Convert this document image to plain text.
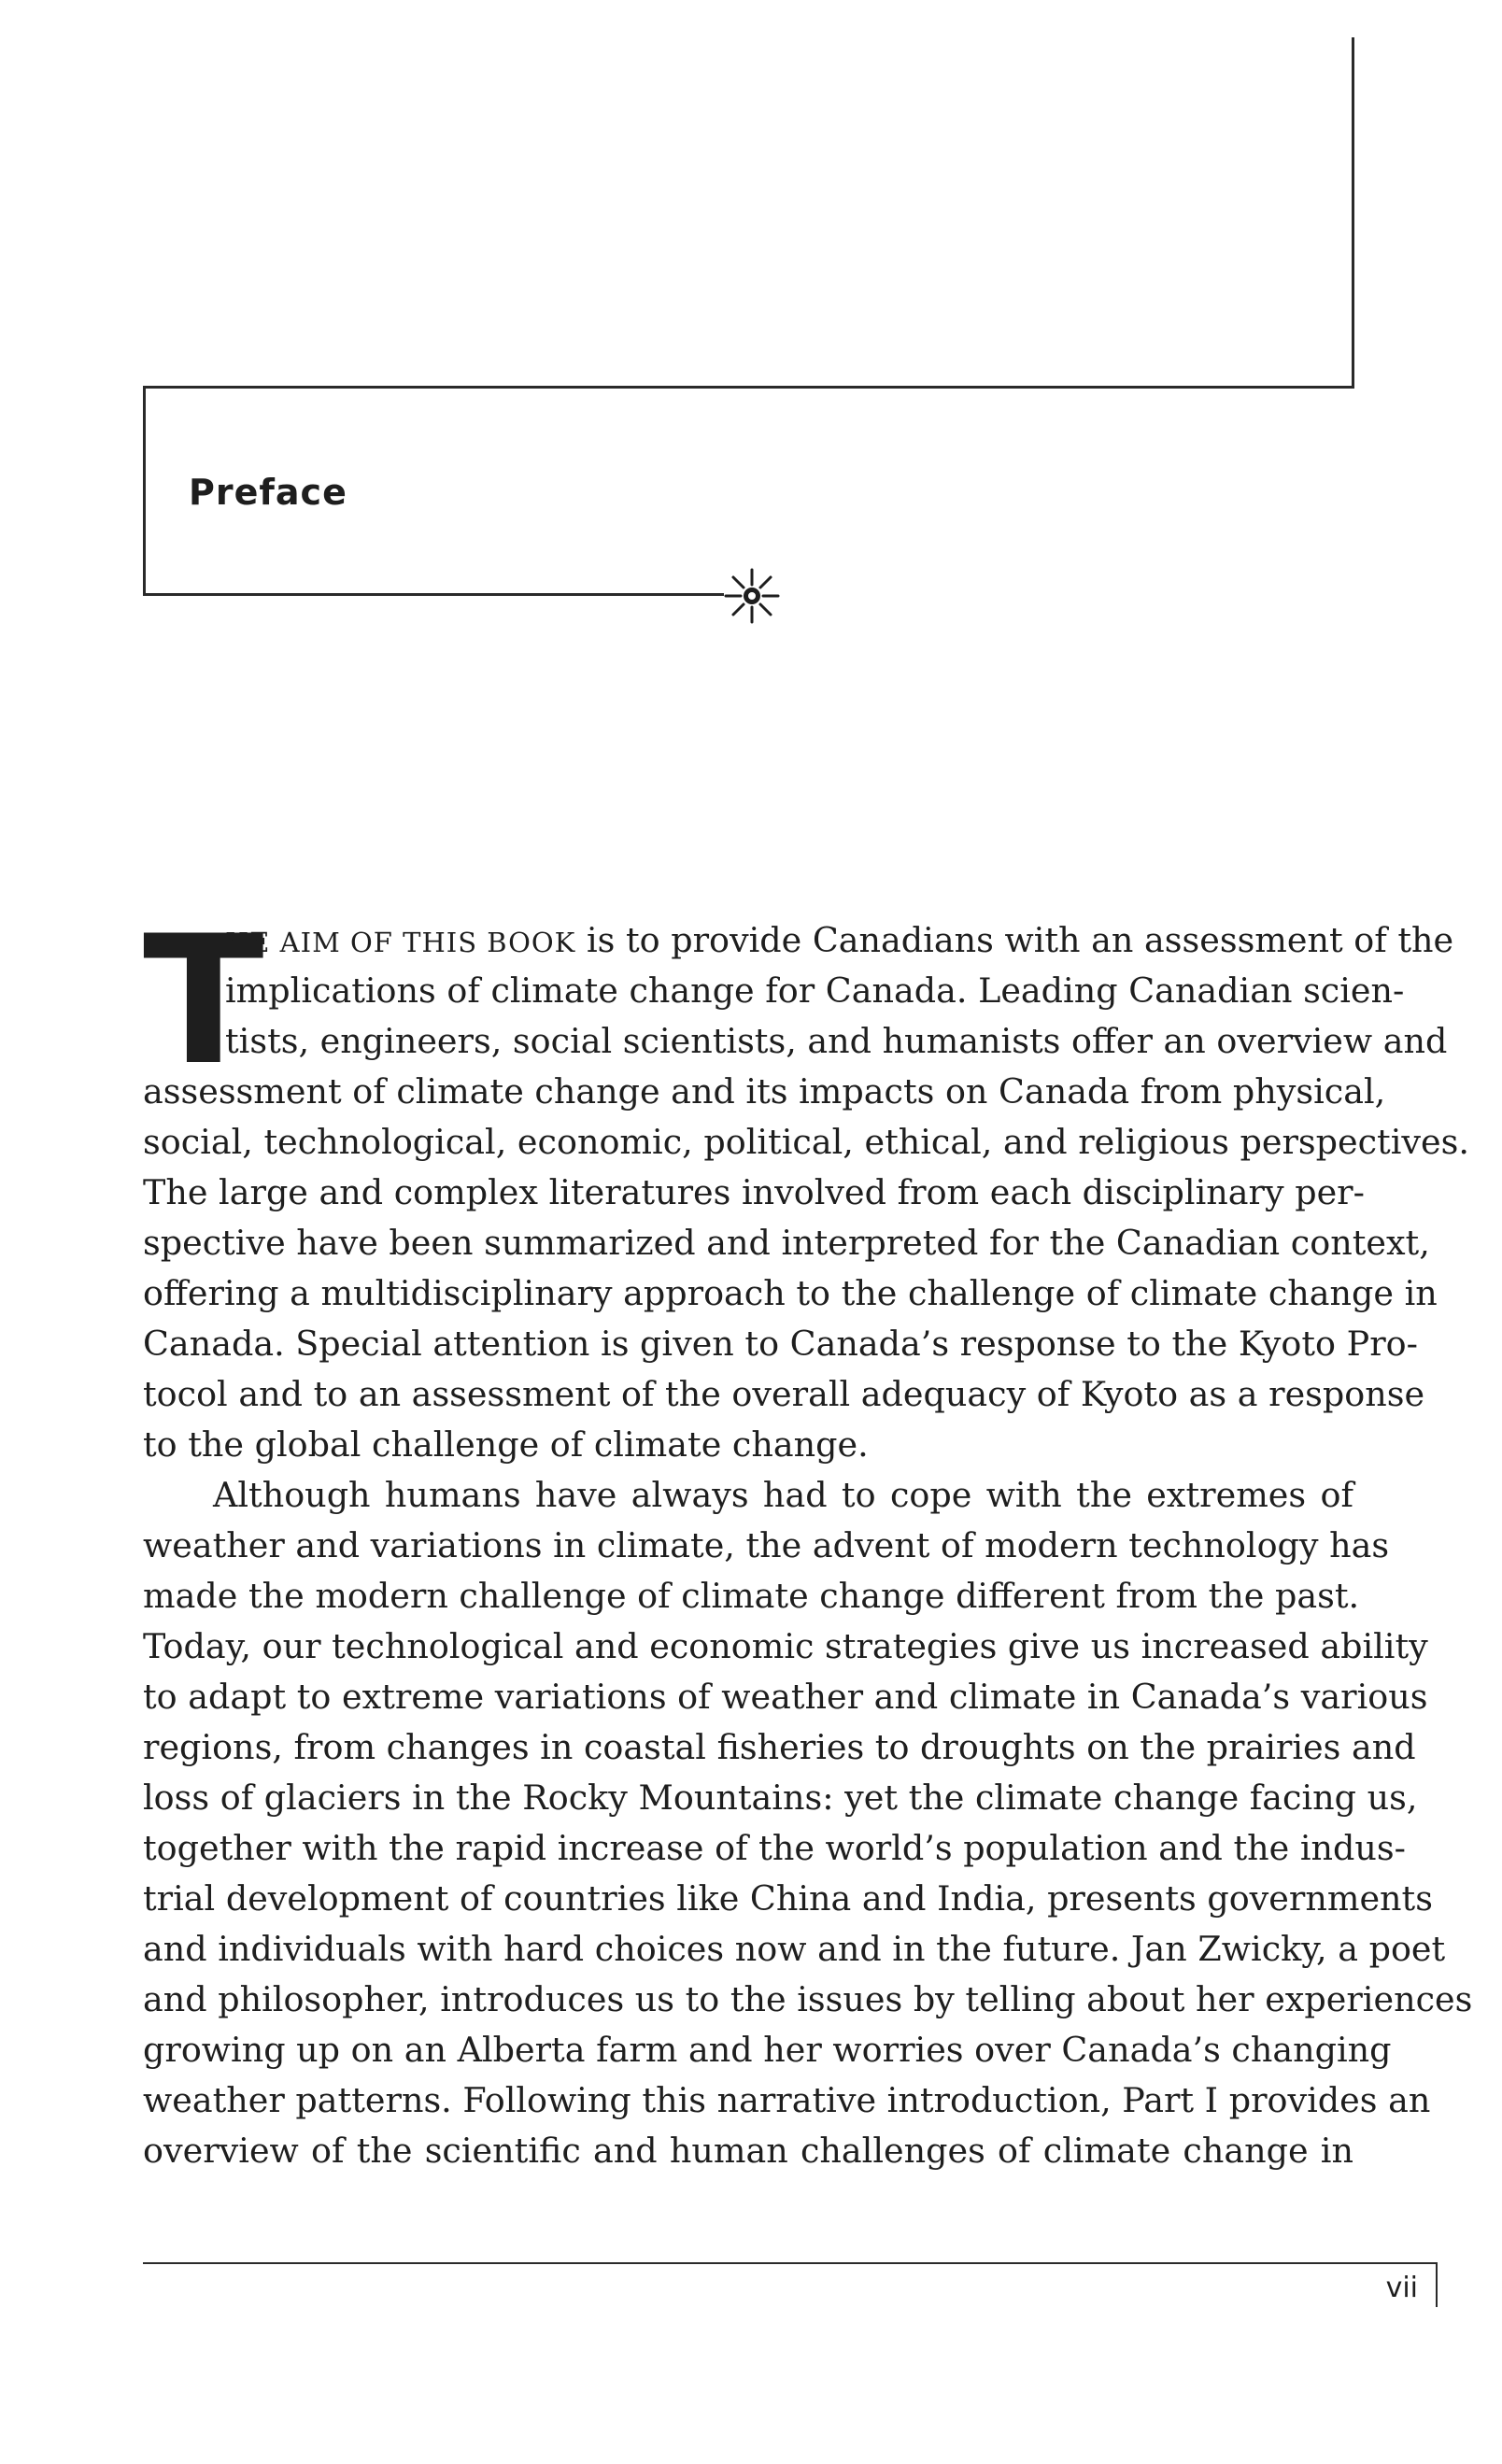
Preface
T
HE AIM OF THIS BOOK is to provide Canadians with an assessment of the
implications of climate change for Canada. Leading Canadian scien-
tists, engineers, social scientists, and humanists offer an overview and
assessment of climate change and its impacts on Canada from physical,
social, technological, economic, political, ethical, and religious perspectives.
The large and complex literatures involved from each disciplinary per-
spective have been summarized and interpreted for the Canadian context,
offering a multidisciplinary approach to the challenge of climate change in
Canada. Special attention is given to Canada’s response to the Kyoto Pro-
tocol and to an assessment of the overall adequacy of Kyoto as a response
to the global challenge of climate change.
Although humans have always had to cope with the extremes of
weather and variations in climate, the advent of modern technology has
made the modern challenge of climate change different from the past.
Today, our technological and economic strategies give us increased ability
to adapt to extreme variations of weather and climate in Canada’s various
regions, from changes in coastal fisheries to droughts on the prairies and
loss of glaciers in the Rocky Mountains: yet the climate change facing us,
together with the rapid increase of the world’s population and the indus-
trial development of countries like China and India, presents governments
and individuals with hard choices now and in the future. Jan Zwicky, a poet
and philosopher, introduces us to the issues by telling about her experiences
growing up on an Alberta farm and her worries over Canada’s changing
weather patterns. Following this narrative introduction, Part I provides an
overview of the scientific and human challenges of climate change in
vii
